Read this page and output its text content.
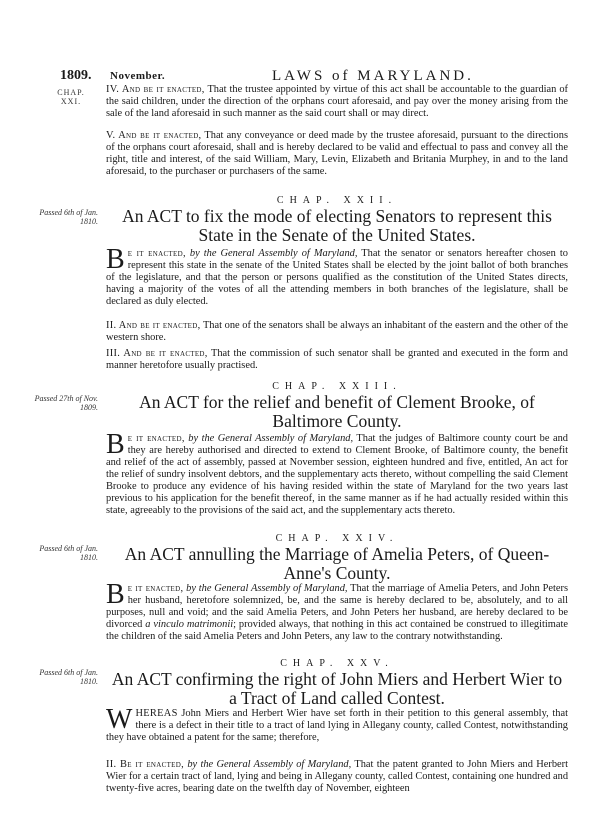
1809. November.	LAWS of MARYLAND.
CHAP. XXI.

IV. And be it enacted, That the trustee appointed by virtue of this act shall be accountable to the guardian of the said children, under the direction of the orphans court aforesaid, and pay over the money arising from the sale of the land aforesaid in such manner as the said court shall or may direct.

V. And be it enacted, That any conveyance or deed made by the trustee aforesaid, pursuant to the directions of the orphans court aforesaid, shall and is hereby declared to be valid and effectual to pass and convey all the right, title and interest, of the said William, Mary, Levin, Elizabeth and Britania Murphey, in and to the land aforesaid, to the purchaser or purchasers of the same.

CHAP. XXII.
Passed 6th of Jan. 1810.	An ACT to fix the mode of electing Senators to represent this State in the Senate of the United States.

Be it enacted, by the General Assembly of Maryland, That the senator or senators hereafter chosen to represent this state in the senate of the United States shall be elected by the joint ballot of both branches of the legislature, and that the person or persons qualified as the constitution of the United States directs, having a majority of the votes of all the attending members in both branches of the legislature, shall be declared as duly elected.

II. And be it enacted, That one of the senators shall be always an inhabitant of the eastern and the other of the western shore.

III. And be it enacted, That the commission of such senator shall be granted and executed in the form and manner heretofore usually practised.

CHAP. XXIII.
Passed 27th of Nov. 1809.	An ACT for the relief and benefit of Clement Brooke, of Baltimore County.

Be it enacted, by the General Assembly of Maryland, That the judges of Baltimore county court be and they are hereby authorised and directed to extend to Clement Brooke, of Baltimore county, the benefit and relief of the act of assembly, passed at November session, eighteen hundred and five, entitled, An act for the relief of sundry insolvent debtors, and the supplementary acts thereto, without compelling the said Clement Brooke to produce any evidence of his having resided within the state of Maryland for the two years last previous to his application for the benefit thereof, in the same manner as if he had actually resided within this state, agreeably to the provisions of the said act, and the supplementary acts thereto.

CHAP. XXIV.
Passed 6th of Jan. 1810.	An ACT annulling the Marriage of Amelia Peters, of Queen-Anne's County.

Be it enacted, by the General Assembly of Maryland, That the marriage of Amelia Peters, and John Peters her husband, heretofore solemnized, be, and the same is hereby declared to be, absolutely, and to all purposes, null and void; and the said Amelia Peters, and John Peters her husband, are hereby declared to be divorced a vinculo matrimonii; provided always, that nothing in this act contained be construed to illegitimate the children of the said Amelia Peters and John Peters, any law to the contrary notwithstanding.

CHAP. XXV.
Passed 6th of Jan. 1810. An ACT confirming the right of John Miers and Herbert Wier to a Tract of Land called Contest.

WHEREAS John Miers and Herbert Wier have set forth in their petition to this general assembly, that there is a defect in their title to a tract of land lying in Allegany county, called Contest, notwithstanding they have obtained a patent for the same; therefore,

II. Be it enacted, by the General Assembly of Maryland, That the patent granted to John Miers and Herbert Wier for a certain tract of land, lying and being in Allegany county, called Contest, containing one hundred and twenty-five acres, bearing date on the twelfth day of November, eighteen
